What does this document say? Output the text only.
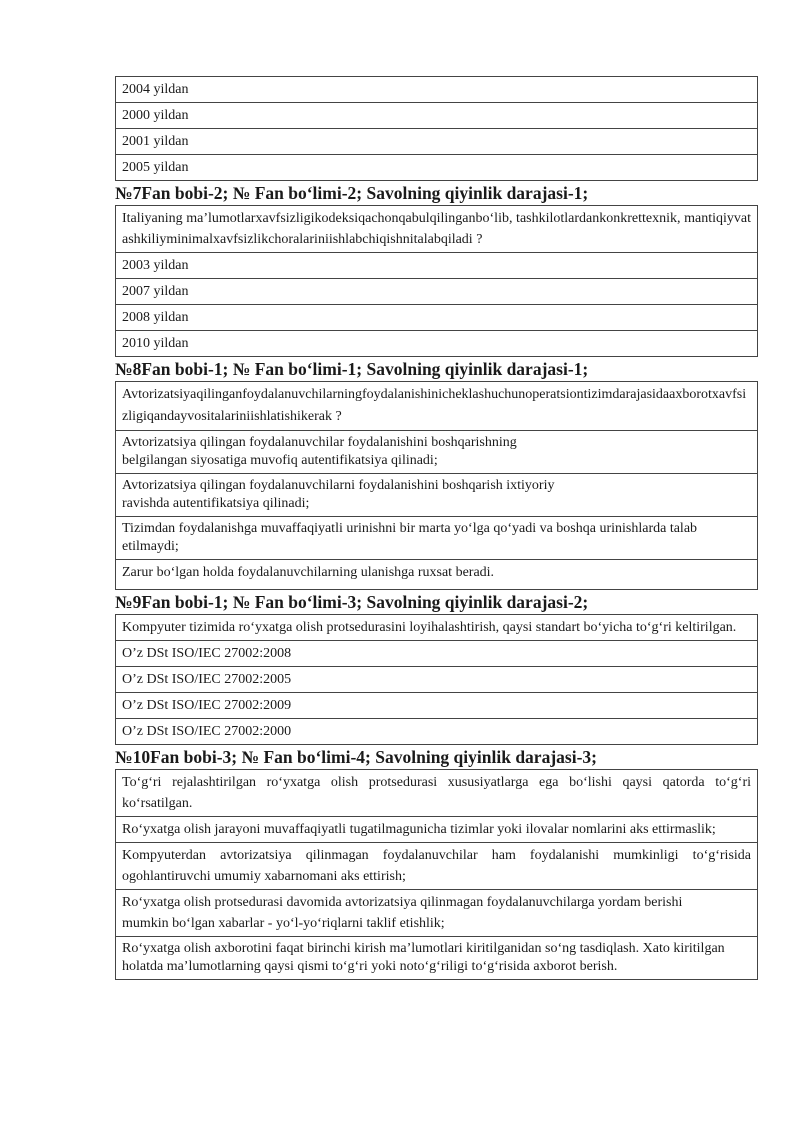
2004 yildan
2000 yildan
2001 yildan
2005 yildan
№7Fan bobi-2; № Fan bo‘limi-2; Savolning qiyinlik darajasi-1;
Italiyaning ma’lumotlarxavfsizligikodeksiqachonqabulqilinganbo‘lib, tashkilotlardankonkrettexnik, mantiqiyvatashkiliyminimalxavfsizlikchoralariniishlabchiqishnitalabqiladi ?
2003 yildan
2007 yildan
2008 yildan
2010 yildan
№8Fan bobi-1; № Fan bo‘limi-1; Savolning qiyinlik darajasi-1;
Avtorizatsiyaqilinganfoydalanuvchilarningfoydalanishinicheklashuchunoperatsiontizimdarajasidaaxborotxavfsizligiqandayvositalariniishlatishikerak ?
Avtorizatsiya qilingan foydalanuvchilar foydalanishini boshqarishning belgilangan siyosatiga muvofiq autentifikatsiya qilinadi;
Avtorizatsiya qilingan foydalanuvchilarni foydalanishini boshqarish ixtiyoriy ravishda autentifikatsiya qilinadi;
Tizimdan foydalanishga muvaffaqiyatli urinishni bir marta yo‘lga qo‘yadi va boshqa urinishlarda talab etilmaydi;
Zarur bo‘lgan holda foydalanuvchilarning ulanishga ruxsat beradi.
№9Fan bobi-1; № Fan bo‘limi-3; Savolning qiyinlik darajasi-2;
Kompyuter tizimida ro‘yxatga olish protsedurasini loyihalashtirish, qaysi standart bo‘yicha to‘g‘ri keltirilgan.
O’z DSt ISO/IEC 27002:2008
O’z DSt ISO/IEC 27002:2005
O’z DSt ISO/IEC 27002:2009
O’z DSt ISO/IEC 27002:2000
№10Fan bobi-3; № Fan bo‘limi-4; Savolning qiyinlik darajasi-3;
To‘g‘ri rejalashtirilgan ro‘yxatga olish protsedurasi xususiyatlarga ega bo‘lishi qaysi qatorda to‘g‘ri ko‘rsatilgan.
Ro‘yxatga olish jarayoni muvaffaqiyatli tugatilmagunicha tizimlar yoki ilovalar nomlarini aks ettirmaslik;
Kompyuterdan avtorizatsiya qilinmagan foydalanuvchilar ham foydalanishi mumkinligi to‘g‘risida ogohlantiruvchi umumiy xabarnomani aks ettirish;
Ro‘yxatga olish protsedurasi davomida avtorizatsiya qilinmagan foydalanuvchilarga yordam berishi mumkin bo‘lgan xabarlar - yo‘l-yo‘riqlarni taklif etishlik;
Ro‘yxatga olish axborotini faqat birinchi kirish ma’lumotlari kiritilganidan so‘ng tasdiqlash. Xato kiritilgan holatda ma’lumotlarning qaysi qismi to‘g‘ri yoki noto‘g‘riligi to‘g‘risida axborot berish.
